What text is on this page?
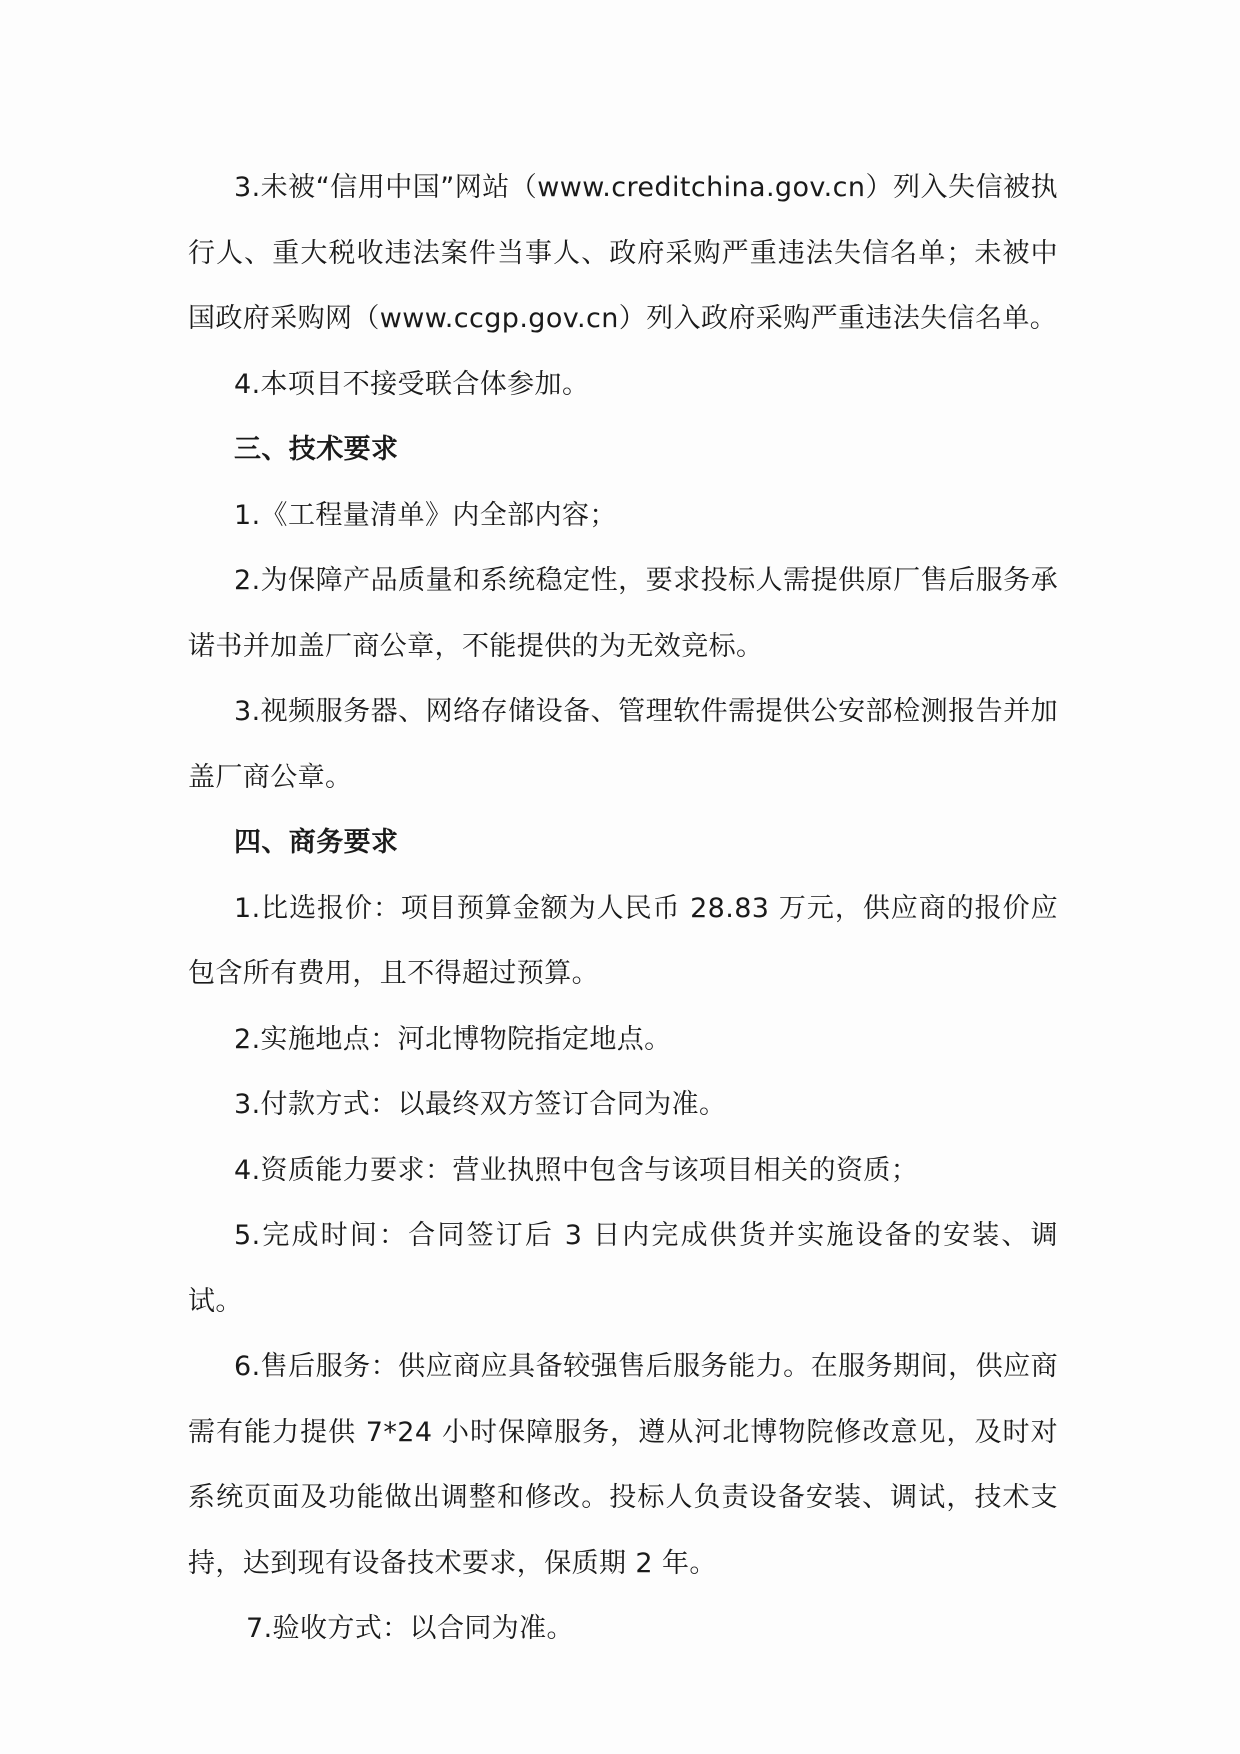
3.未被“信用中国”网站（www.creditchina.gov.cn）列入失信被执行人、重大税收违法案件当事人、政府采购严重违法失信名单；未被中国政府采购网（www.ccgp.gov.cn）列入政府采购严重违法失信名单。

4.本项目不接受联合体参加。

三、技术要求

1.《工程量清单》内全部内容；

2.为保障产品质量和系统稳定性，要求投标人需提供原厂售后服务承诺书并加盖厂商公章，不能提供的为无效竞标。

3.视频服务器、网络存储设备、管理软件需提供公安部检测报告并加盖厂商公章。

四、商务要求

1.比选报价：项目预算金额为人民币 28.83 万元，供应商的报价应包含所有费用，且不得超过预算。

2.实施地点：河北博物院指定地点。

3.付款方式：以最终双方签订合同为准。

4.资质能力要求：营业执照中包含与该项目相关的资质；

5.完成时间：合同签订后 3 日内完成供货并实施设备的安装、调试。

6.售后服务：供应商应具备较强售后服务能力。在服务期间，供应商需有能力提供 7*24 小时保障服务，遵从河北博物院修改意见，及时对系统页面及功能做出调整和修改。投标人负责设备安装、调试，技术支持，达到现有设备技术要求，保质期 2 年。

7.验收方式：以合同为准。
